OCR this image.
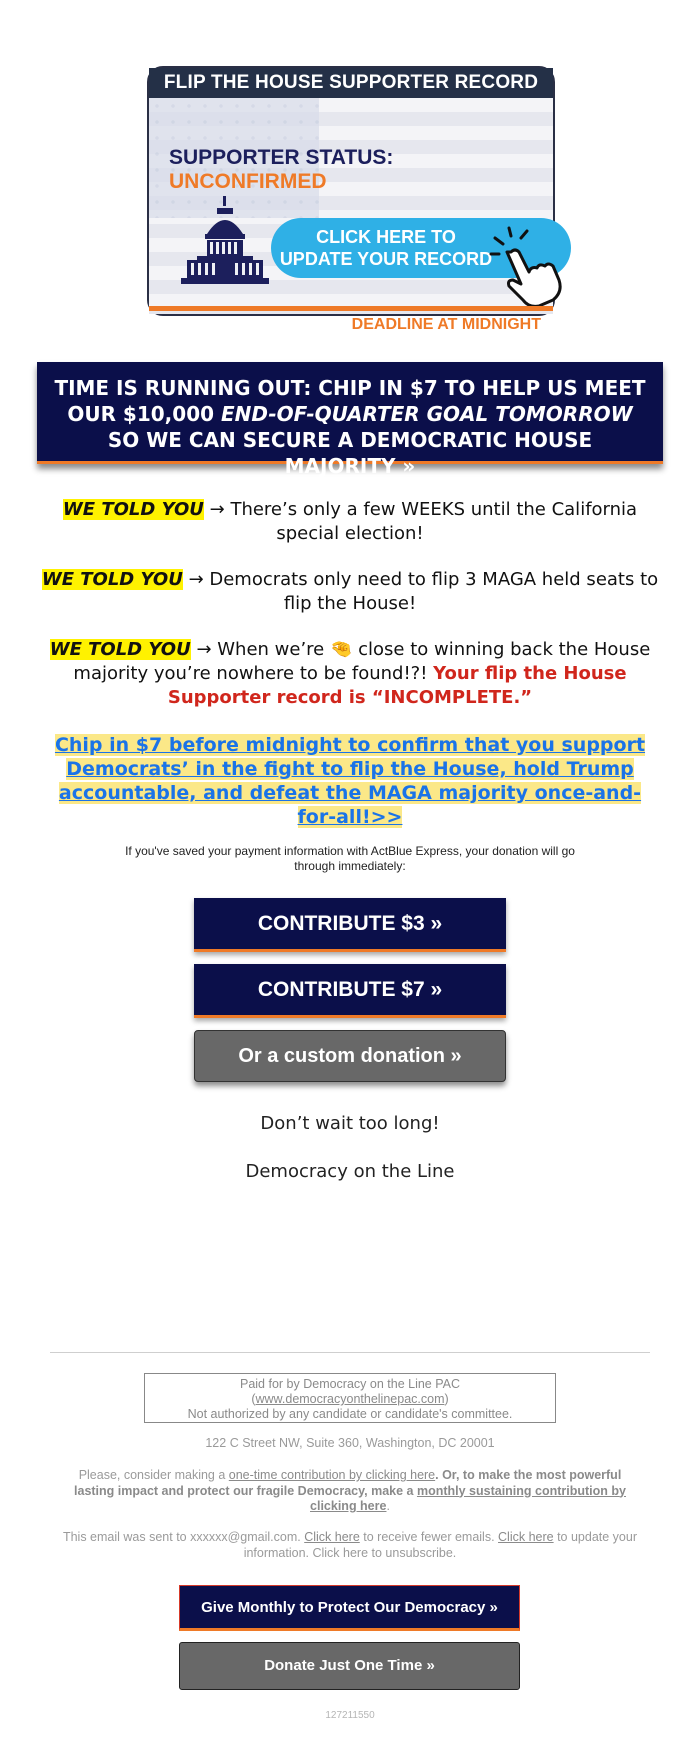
FLIP THE HOUSE SUPPORTER RECORD
SUPPORTER STATUS:
UNCONFIRMED
CLICK HERE TO
UPDATE YOUR RECORD
DEADLINE AT MIDNIGHT
TIME IS RUNNING OUT: CHIP IN $7 TO HELP US MEET OUR $10,000 END-OF-QUARTER GOAL TOMORROW SO WE CAN SECURE A DEMOCRATIC HOUSE MAJORITY »
WE TOLD YOU → There’s only a few WEEKS until the California special election!
WE TOLD YOU → Democrats only need to flip 3 MAGA held seats to flip the House!
WE TOLD YOU → When we’re 🤏 close to winning back the House majority you’re nowhere to be found!?! Your flip the House Supporter record is “INCOMPLETE.”
Chip in $7 before midnight to confirm that you support Democrats’ in the fight to flip the House, hold Trump accountable, and defeat the MAGA majority once-and-for-all!>>
If you've saved your payment information with ActBlue Express, your donation will go through immediately:
CONTRIBUTE $3 »
CONTRIBUTE $7 »
Or a custom donation »
Don’t wait too long!
Democracy on the Line
Paid for by Democracy on the Line PAC
(www.democracyonthelinepac.com)
Not authorized by any candidate or candidate's committee.
122 C Street NW, Suite 360, Washington, DC 20001
Please, consider making a one-time contribution by clicking here. Or, to make the most powerful lasting impact and protect our fragile Democracy, make a monthly sustaining contribution by clicking here.
This email was sent to xxxxxx@gmail.com. Click here to receive fewer emails. Click here to update your information. Click here to unsubscribe.
Give Monthly to Protect Our Democracy »
Donate Just One Time »
127211550
